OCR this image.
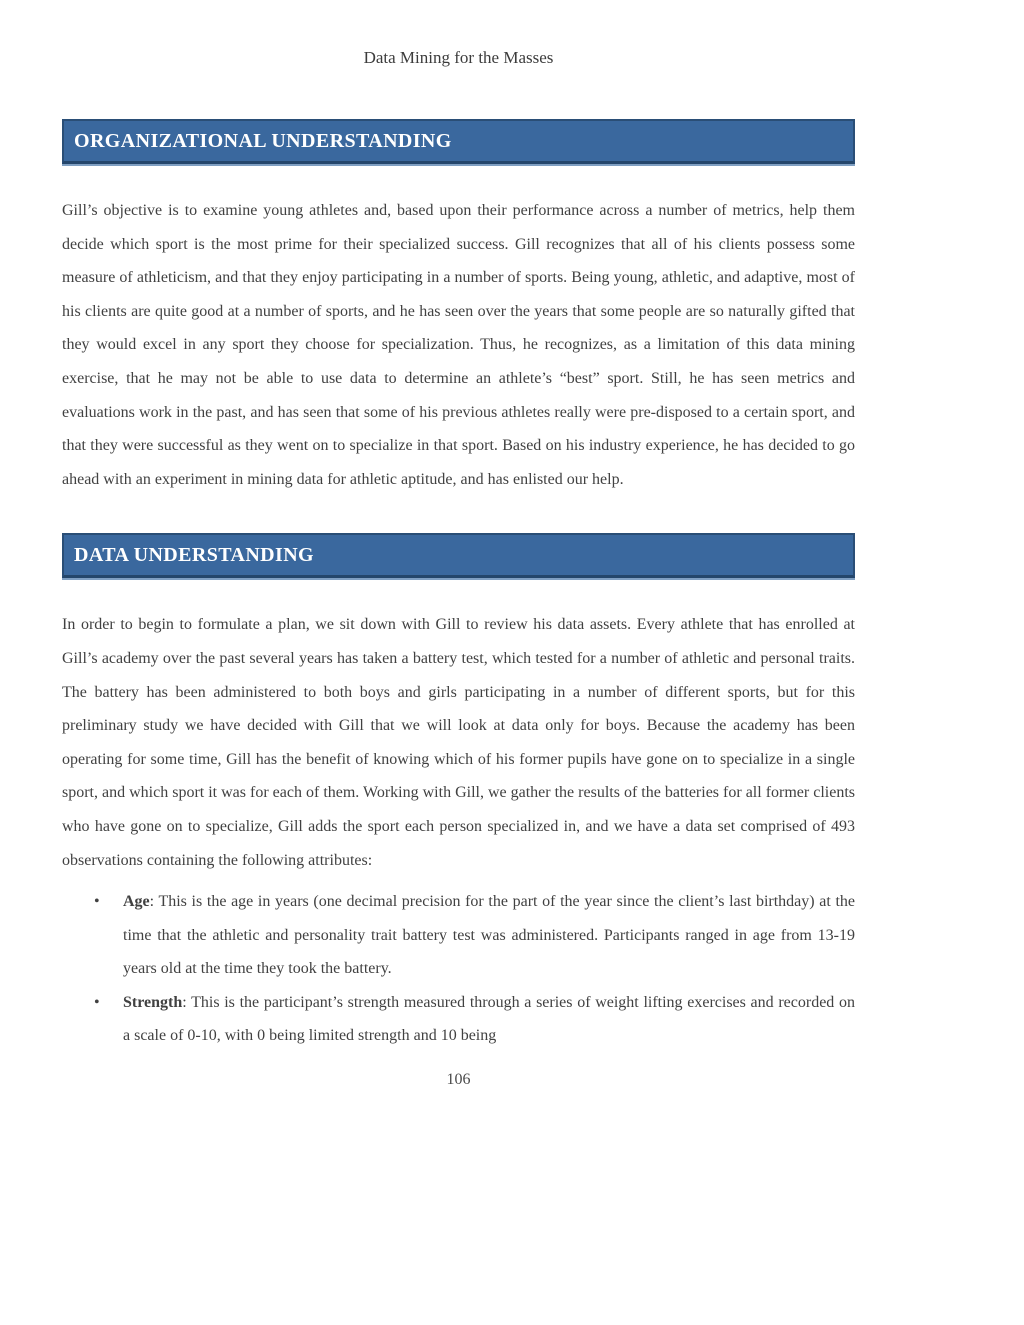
Data Mining for the Masses
ORGANIZATIONAL UNDERSTANDING

Gill’s objective is to examine young athletes and, based upon their performance across a number of metrics, help them decide which sport is the most prime for their specialized success. Gill recognizes that all of his clients possess some measure of athleticism, and that they enjoy participating in a number of sports. Being young, athletic, and adaptive, most of his clients are quite good at a number of sports, and he has seen over the years that some people are so naturally gifted that they would excel in any sport they choose for specialization. Thus, he recognizes, as a limitation of this data mining exercise, that he may not be able to use data to determine an athlete’s “best” sport. Still, he has seen metrics and evaluations work in the past, and has seen that some of his previous athletes really were pre-disposed to a certain sport, and that they were successful as they went on to specialize in that sport. Based on his industry experience, he has decided to go ahead with an experiment in mining data for athletic aptitude, and has enlisted our help.

DATA UNDERSTANDING

In order to begin to formulate a plan, we sit down with Gill to review his data assets. Every athlete that has enrolled at Gill’s academy over the past several years has taken a battery test, which tested for a number of athletic and personal traits. The battery has been administered to both boys and girls participating in a number of different sports, but for this preliminary study we have decided with Gill that we will look at data only for boys. Because the academy has been operating for some time, Gill has the benefit of knowing which of his former pupils have gone on to specialize in a single sport, and which sport it was for each of them. Working with Gill, we gather the results of the batteries for all former clients who have gone on to specialize, Gill adds the sport each person specialized in, and we have a data set comprised of 493 observations containing the following attributes:

• Age: This is the age in years (one decimal precision for the part of the year since the client’s last birthday) at the time that the athletic and personality trait battery test was administered. Participants ranged in age from 13-19 years old at the time they took the battery.
• Strength: This is the participant’s strength measured through a series of weight lifting exercises and recorded on a scale of 0-10, with 0 being limited strength and 10 being
106
